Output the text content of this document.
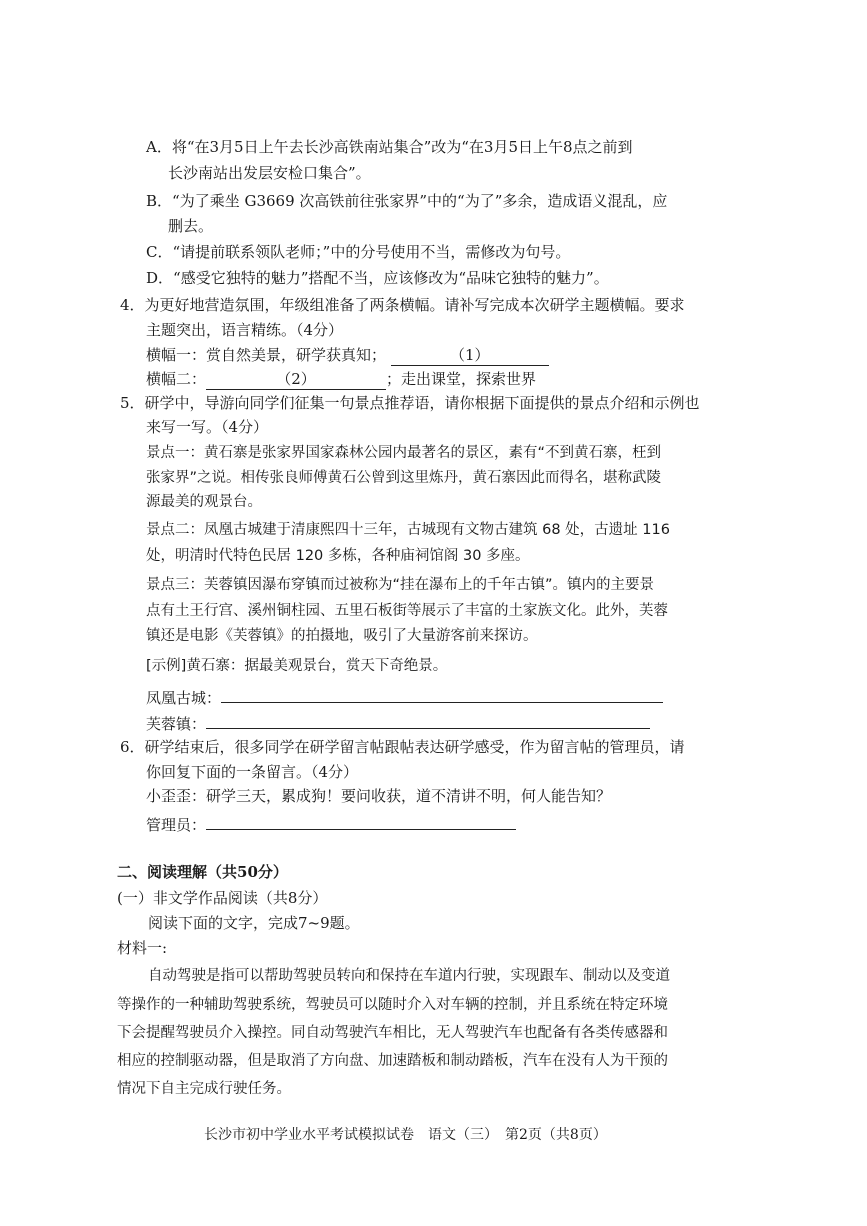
A．将“在3月5日上午去长沙高铁南站集合”改为“在3月5日上午8点之前到
长沙南站出发层安检口集合”。
B．“为了乘坐 G3669 次高铁前往张家界”中的“为了”多余，造成语义混乱，应
删去。
C．“请提前联系领队老师；”中的分号使用不当，需修改为句号。
D．“感受它独特的魅力”搭配不当，应该修改为“品味它独特的魅力”。
4．为更好地营造氛围，年级组准备了两条横幅。请补写完成本次研学主题横幅。要求
主题突出，语言精练。（4分）
横幅一：赏自然美景，研学获真知；	（1）
横幅二：	（2）	；走出课堂，探索世界
5．研学中，导游向同学们征集一句景点推荐语，请你根据下面提供的景点介绍和示例也
来写一写。（4分）
景点一：黄石寨是张家界国家森林公园内最著名的景区，素有“不到黄石寨，枉到
张家界”之说。相传张良师傅黄石公曾到这里炼丹，黄石寨因此而得名，堪称武陵
源最美的观景台。
景点二：凤凰古城建于清康熙四十三年，古城现有文物古建筑 68 处，古遗址 116
处，明清时代特色民居 120 多栋，各种庙祠馆阁 30 多座。
景点三：芙蓉镇因瀑布穿镇而过被称为“挂在瀑布上的千年古镇”。镇内的主要景
点有土王行宫、溪州铜柱园、五里石板街等展示了丰富的土家族文化。此外，芙蓉
镇还是电影《芙蓉镇》的拍摄地，吸引了大量游客前来探访。
[示例]黄石寨：据最美观景台，赏天下奇绝景。
凤凰古城：
芙蓉镇：
6．研学结束后，很多同学在研学留言帖跟帖表达研学感受，作为留言帖的管理员，请
你回复下面的一条留言。（4分）
小歪歪：研学三天，累成狗！要问收获，道不清讲不明，何人能告知？
管理员：
二、阅读理解（共50分）
(一）非文学作品阅读（共8分）
阅读下面的文字，完成7~9题。
材料一:
自动驾驶是指可以帮助驾驶员转向和保持在车道内行驶，实现跟车、制动以及变道
等操作的一种辅助驾驶系统，驾驶员可以随时介入对车辆的控制，并且系统在特定环境
下会提醒驾驶员介入操控。同自动驾驶汽车相比，无人驾驶汽车也配备有各类传感器和
相应的控制驱动器，但是取消了方向盘、加速踏板和制动踏板，汽车在没有人为干预的
情况下自主完成行驶任务。
长沙市初中学业水平考试模拟试卷　语文（三）　第2页（共8页）
